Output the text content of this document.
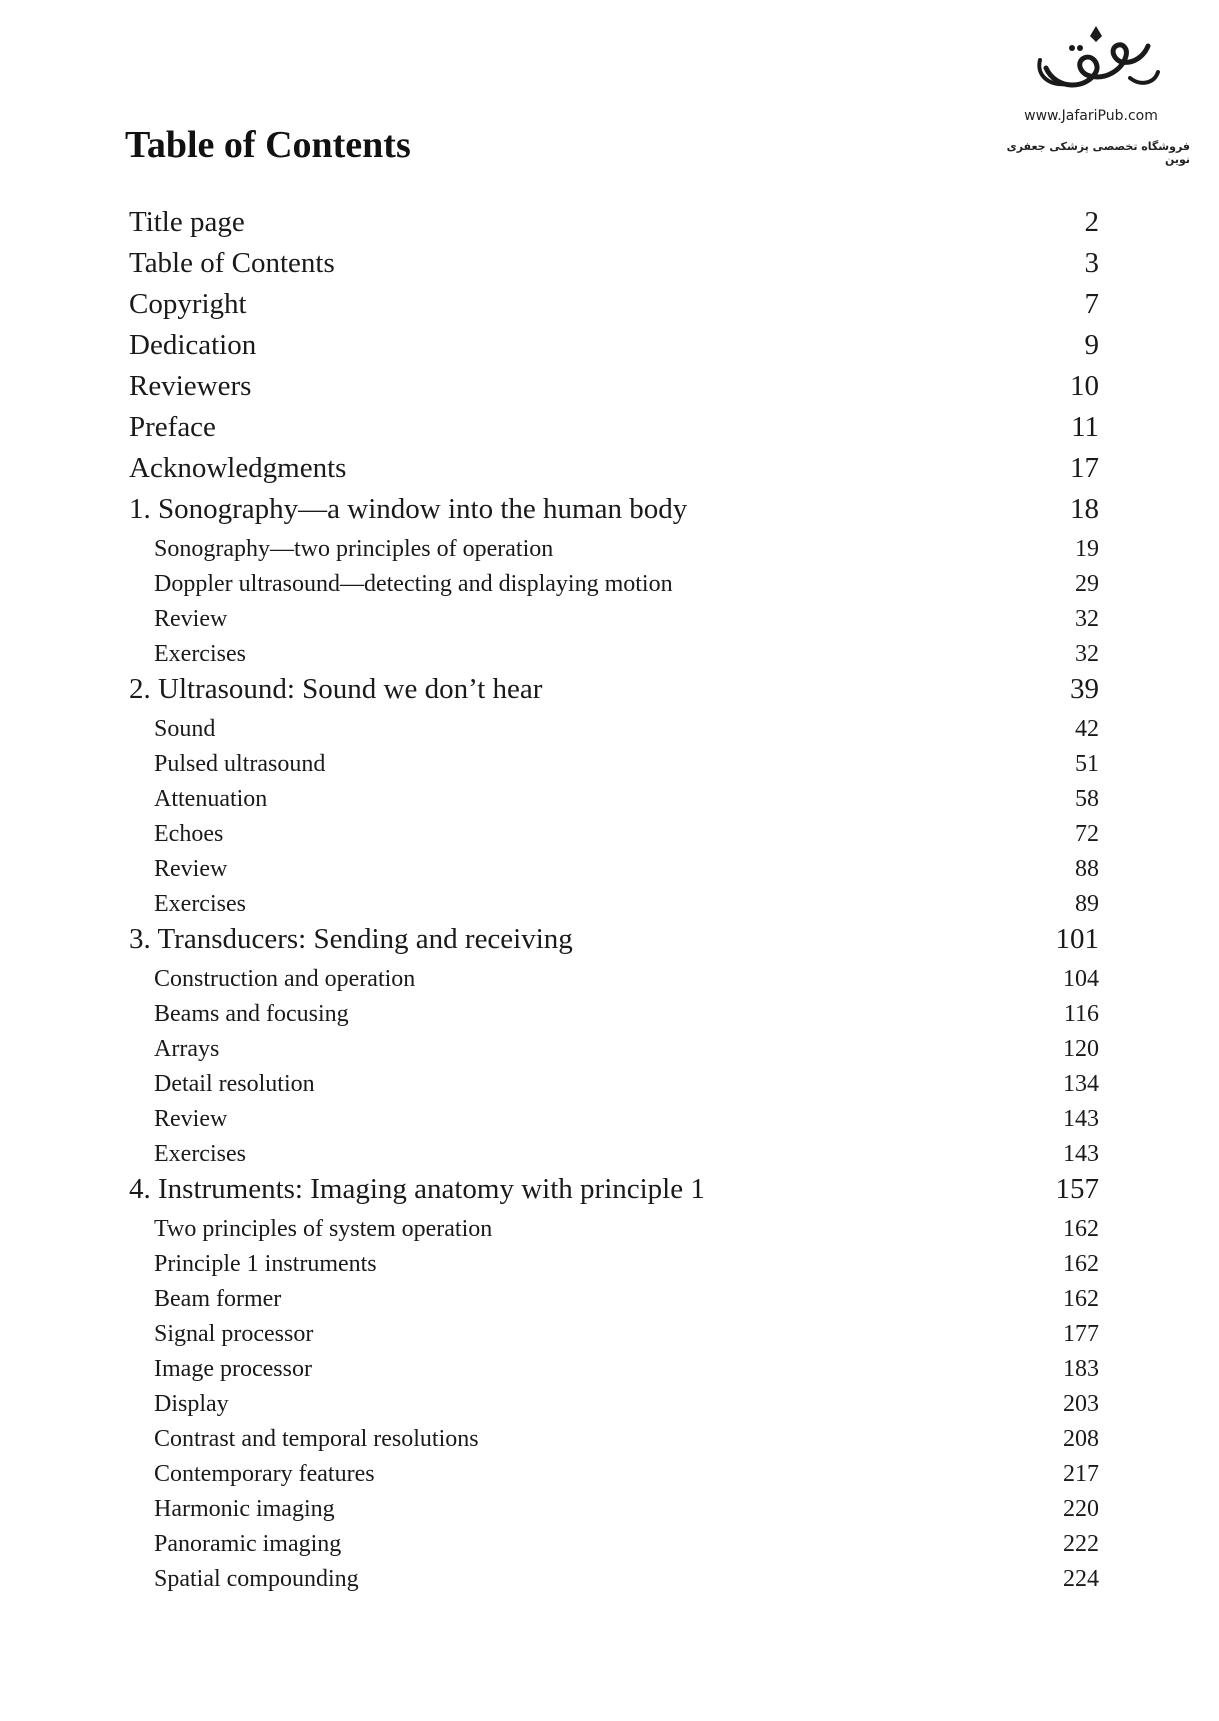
www.JafariPub.com
فروشگاه تخصصی پزشکی جعفری نوین
Table of Contents
Title page	2
Table of Contents	3
Copyright	7
Dedication	9
Reviewers	10
Preface	11
Acknowledgments	17
1. Sonography—a window into the human body	18
Sonography—two principles of operation	19
Doppler ultrasound—detecting and displaying motion	29
Review	32
Exercises	32
2. Ultrasound: Sound we don’t hear	39
Sound	42
Pulsed ultrasound	51
Attenuation	58
Echoes	72
Review	88
Exercises	89
3. Transducers: Sending and receiving	101
Construction and operation	104
Beams and focusing	116
Arrays	120
Detail resolution	134
Review	143
Exercises	143
4. Instruments: Imaging anatomy with principle 1	157
Two principles of system operation	162
Principle 1 instruments	162
Beam former	162
Signal processor	177
Image processor	183
Display	203
Contrast and temporal resolutions	208
Contemporary features	217
Harmonic imaging	220
Panoramic imaging	222
Spatial compounding	224
